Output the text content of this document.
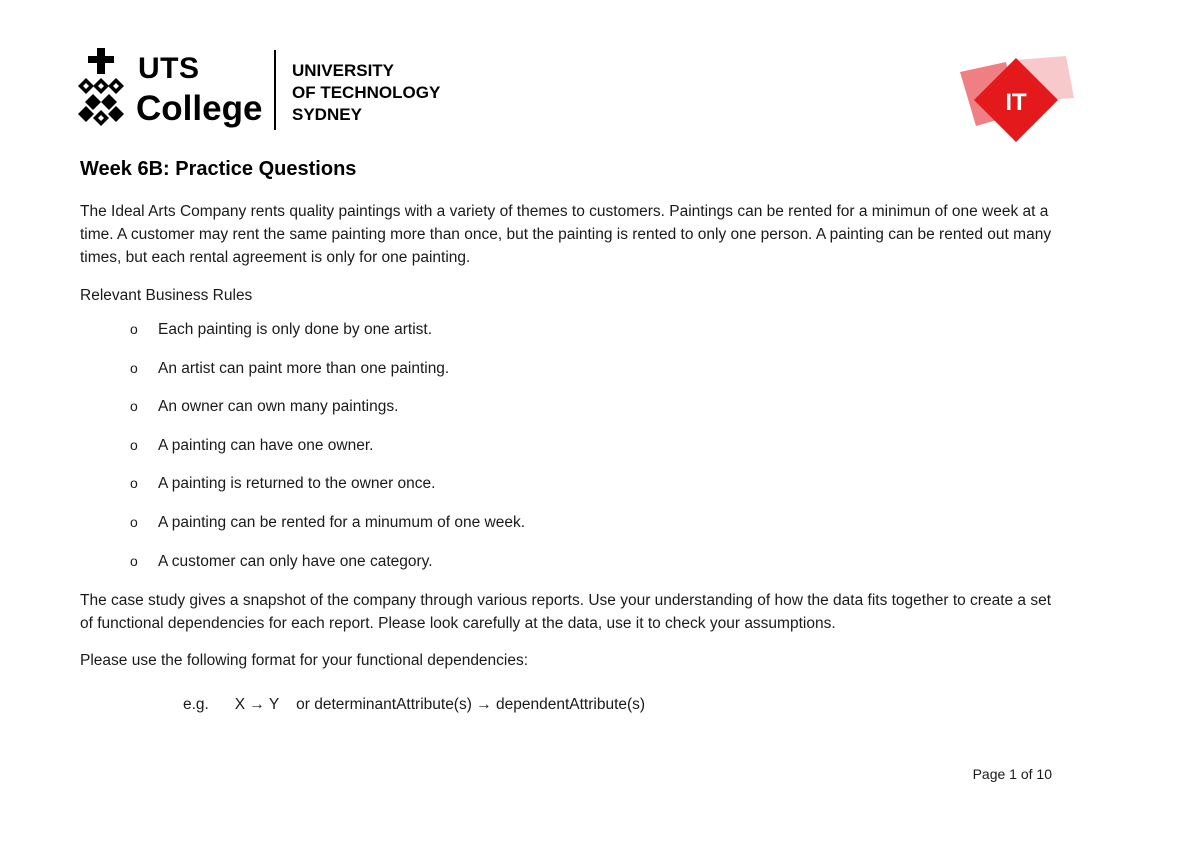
UTS
College
UNIVERSITY
OF TECHNOLOGY
SYDNEY	IT
Week 6B: Practice Questions
The Ideal Arts Company rents quality paintings with a variety of themes to customers. Paintings can be rented for a minimun of one week at a time. A customer may rent the same painting more than once, but the painting is rented to only one person. A painting can be rented out many times, but each rental agreement is only for one painting.
Relevant Business Rules
o Each painting is only done by one artist.
o An artist can paint more than one painting.
o An owner can own many paintings.
o A painting can have one owner.
o A painting is returned to the owner once.
o A painting can be rented for a minumum of one week.
o A customer can only have one category.
The case study gives a snapshot of the company through various reports. Use your understanding of how the data fits together to create a set of functional dependencies for each report. Please look carefully at the data, use it to check your assumptions.
Please use the following format for your functional dependencies:
e.g.      X → Y    or determinantAttribute(s) → dependentAttribute(s)
Page 1 of 10
